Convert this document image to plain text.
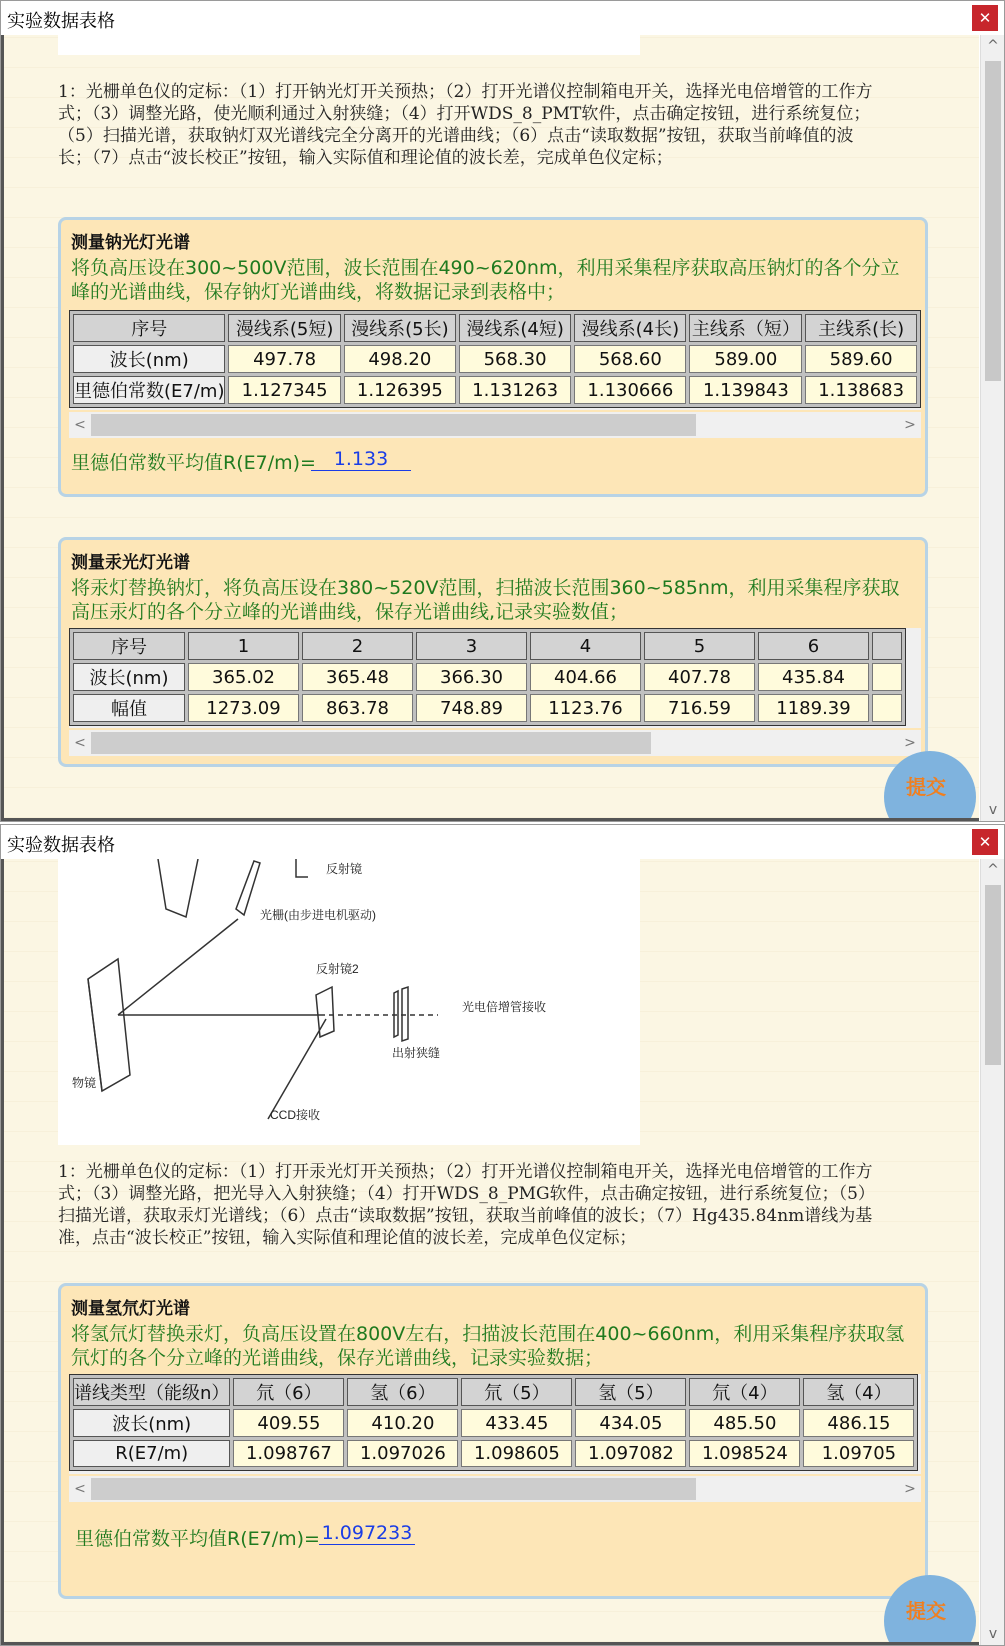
实验数据表格	✕
1：光栅单色仪的定标：（1）打开钠光灯开关预热；（2）打开光谱仪控制箱电开关，选择光电倍增管的工作方式；（3）调整光路，使光顺利通过入射狭缝；（4）打开WDS_8_PMT软件，点击确定按钮，进行系统复位；（5）扫描光谱，获取钠灯双光谱线完全分离开的光谱曲线；（6）点击“读取数据”按钮，获取当前峰值的波长；（7）点击“波长校正”按钮，输入实际值和理论值的波长差，完成单色仪定标；
测量钠光灯光谱
将负高压设在300~500V范围，波长范围在490~620nm，利用采集程序获取高压钠灯的各个分立峰的光谱曲线，保存钠灯光谱曲线，将数据记录到表格中；
序号	漫线系(5短)	漫线系(5长)	漫线系(4短)	漫线系(4长)	主线系（短）	主线系(长)
波长(nm)	497.78	498.20	568.30	568.60	589.00	589.60
里德伯常数(E7/m)	1.127345	1.126395	1.131263	1.130666	1.139843	1.138683
<	>
里德伯常数平均值R(E7/m)= 1.133
测量汞光灯光谱
将汞灯替换钠灯，将负高压设在380~520V范围，扫描波长范围360~585nm，利用采集程序获取高压汞灯的各个分立峰的光谱曲线，保存光谱曲线,记录实验数值；
序号	1	2	3	4	5	6	
波长(nm)	365.02	365.48	366.30	404.66	407.78	435.84	
幅值	1273.09	863.78	748.89	1123.76	716.59	1189.39	
<	>
提交
^
v
实验数据表格	✕
反射镜
光栅(由步进电机驱动)
反射镜2
光电倍增管接收
出射狭缝
物镜
CCD接收
1：光栅单色仪的定标：（1）打开汞光灯开关预热；（2）打开光谱仪控制箱电开关，选择光电倍增管的工作方式；（3）调整光路，把光导入入射狭缝；（4）打开WDS_8_PMG软件，点击确定按钮，进行系统复位；（5）扫描光谱，获取汞灯光谱线；（6）点击“读取数据”按钮，获取当前峰值的波长；（7）Hg435.84nm谱线为基准，点击“波长校正”按钮，输入实际值和理论值的波长差，完成单色仪定标；
测量氢氘灯光谱
将氢氘灯替换汞灯，负高压设置在800V左右，扫描波长范围在400~660nm，利用采集程序获取氢氘灯的各个分立峰的光谱曲线，保存光谱曲线，记录实验数据；
谱线类型（能级n）	氘（6）	氢（6）	氘（5）	氢（5）	氘（4）	氢（4）
波长(nm)	409.55	410.20	433.45	434.05	485.50	486.15
R(E7/m)	1.098767	1.097026	1.098605	1.097082	1.098524	1.09705
<	>
里德伯常数平均值R(E7/m)= 1.097233
提交
^
v
